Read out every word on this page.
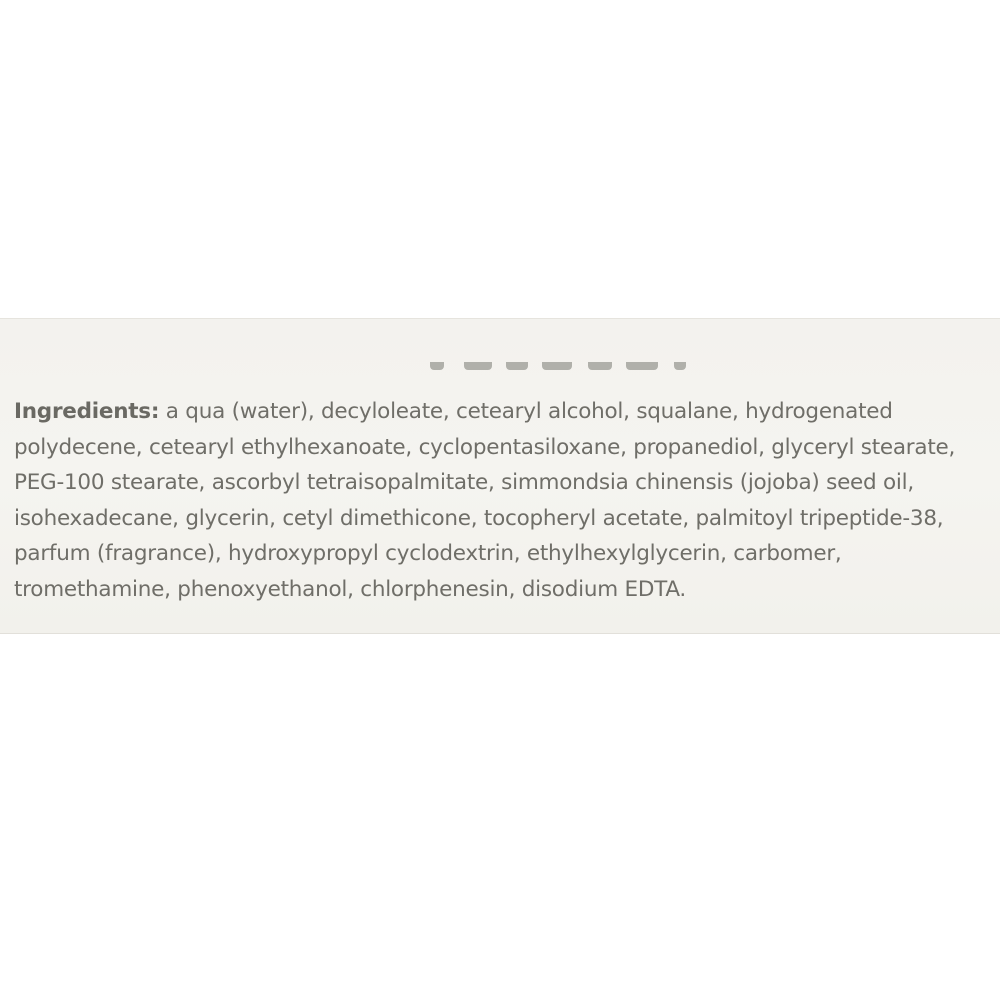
Ingredients: a qua (water), decyloleate, cetearyl alcohol, squalane, hydrogenated polydecene, cetearyl ethylhexanoate, cyclopentasiloxane, propanediol, glyceryl stearate, PEG-100 stearate, ascorbyl tetraisopalmitate, simmondsia chinensis (jojoba) seed oil, isohexadecane, glycerin, cetyl dimethicone, tocopheryl acetate, palmitoyl tripeptide-38, parfum (fragrance), hydroxypropyl cyclodextrin, ethylhexylglycerin, carbomer, tromethamine, phenoxyethanol, chlorphenesin, disodium EDTA.
